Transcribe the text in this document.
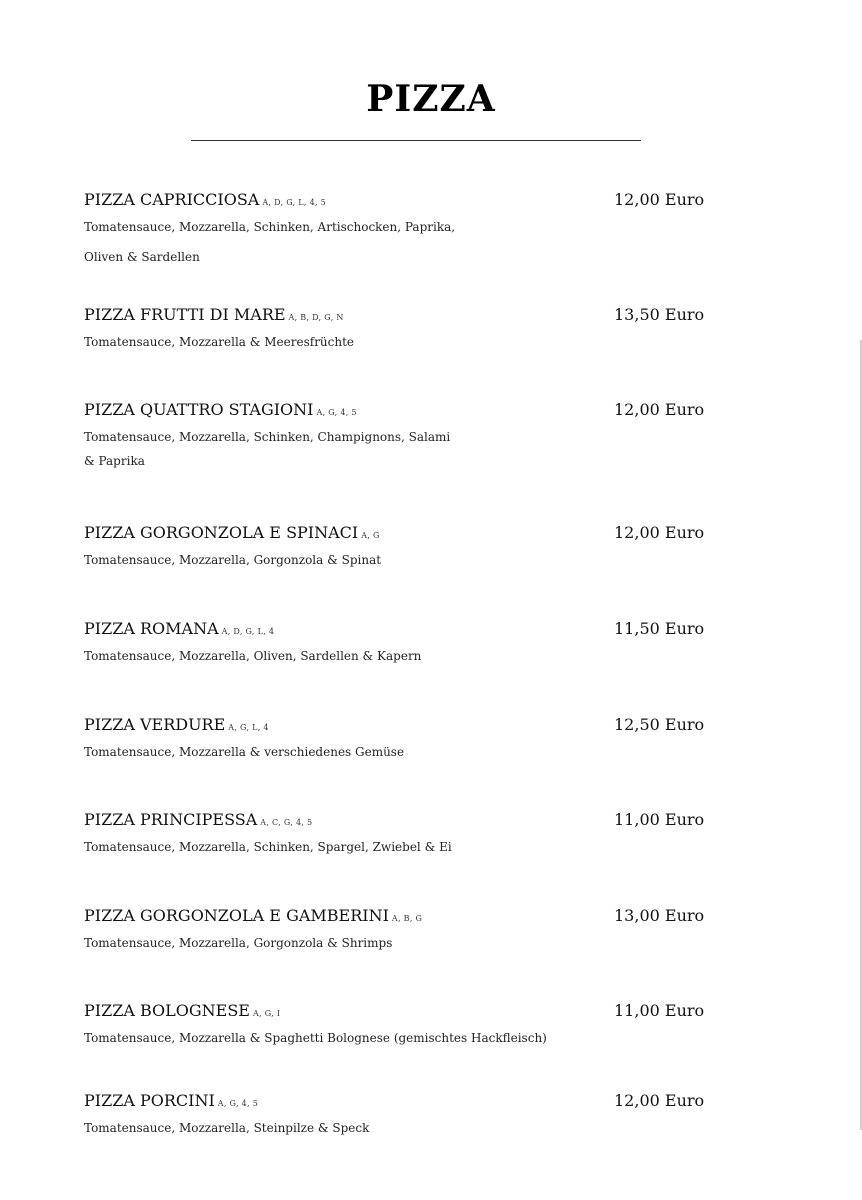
PIZZA
PIZZA CAPRICCIOSA A, D, G, L, 4, 5	12,00 Euro
Tomatensauce, Mozzarella, Schinken, Artischocken, Paprika,
Oliven & Sardellen
PIZZA FRUTTI DI MARE A, B, D, G, N	13,50 Euro
Tomatensauce, Mozzarella & Meeresfrüchte
PIZZA QUATTRO STAGIONI A, G, 4, 5	12,00 Euro
Tomatensauce, Mozzarella, Schinken, Champignons, Salami
& Paprika
PIZZA GORGONZOLA E SPINACI A, G	12,00 Euro
Tomatensauce, Mozzarella, Gorgonzola & Spinat
PIZZA ROMANA A, D, G, L, 4	11,50 Euro
Tomatensauce, Mozzarella, Oliven, Sardellen & Kapern
PIZZA VERDURE A, G, L, 4	12,50 Euro
Tomatensauce, Mozzarella & verschiedenes Gemüse
PIZZA PRINCIPESSA A, C, G, 4, 5	11,00 Euro
Tomatensauce, Mozzarella, Schinken, Spargel, Zwiebel & Ei
PIZZA GORGONZOLA E GAMBERINI A, B, G	13,00 Euro
Tomatensauce, Mozzarella, Gorgonzola & Shrimps
PIZZA BOLOGNESE A, G, I	11,00 Euro
Tomatensauce, Mozzarella & Spaghetti Bolognese (gemischtes Hackfleisch)
PIZZA PORCINI A, G, 4, 5	12,00 Euro
Tomatensauce, Mozzarella, Steinpilze & Speck
